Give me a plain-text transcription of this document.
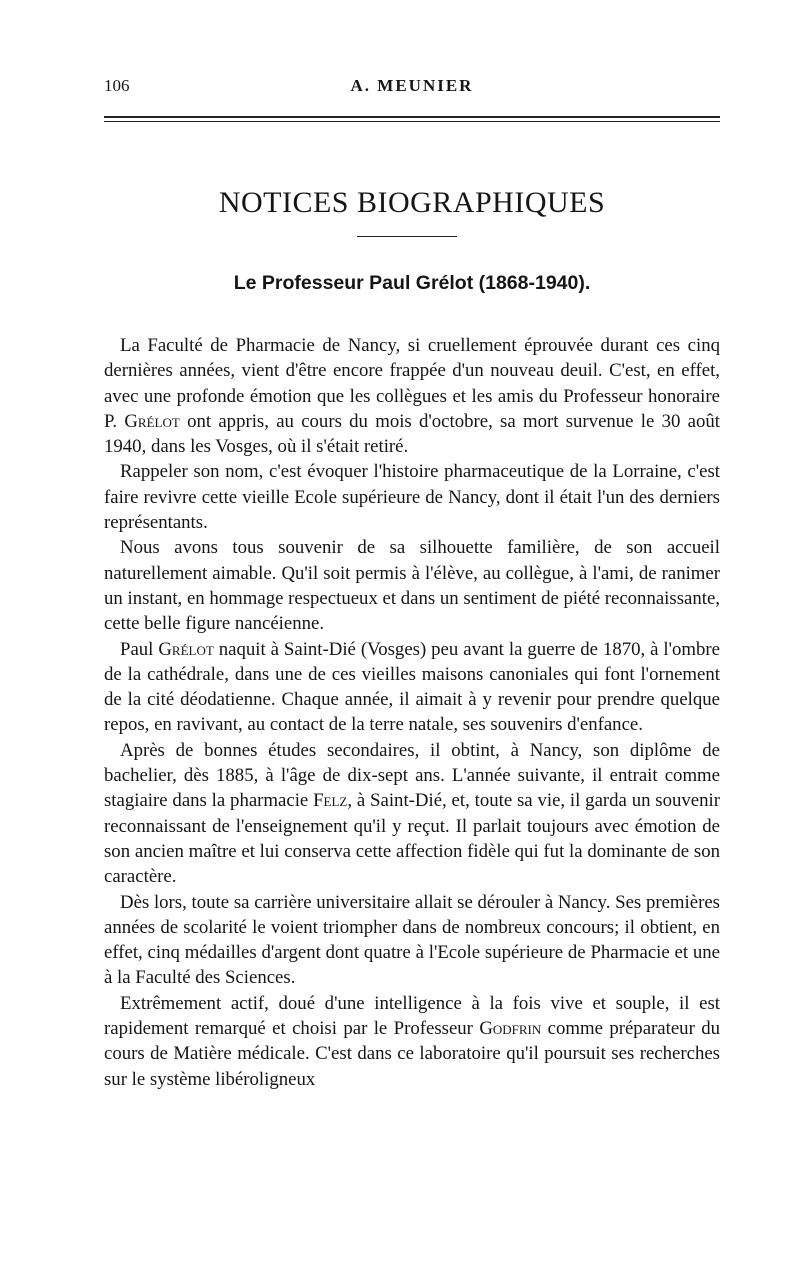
106	A. MEUNIER
NOTICES BIOGRAPHIQUES
Le Professeur Paul Grélot (1868-1940).

La Faculté de Pharmacie de Nancy, si cruellement éprouvée durant ces cinq dernières années, vient d'être encore frappée d'un nouveau deuil. C'est, en effet, avec une profonde émotion que les collègues et les amis du Professeur honoraire P. Grélot ont appris, au cours du mois d'octobre, sa mort survenue le 30 août 1940, dans les Vosges, où il s'était retiré.

Rappeler son nom, c'est évoquer l'histoire pharmaceutique de la Lorraine, c'est faire revivre cette vieille Ecole supérieure de Nancy, dont il était l'un des derniers représentants.

Nous avons tous souvenir de sa silhouette familière, de son accueil naturellement aimable. Qu'il soit permis à l'élève, au collègue, à l'ami, de ranimer un instant, en hommage respectueux et dans un sentiment de piété reconnaissante, cette belle figure nancéienne.

Paul Grélot naquit à Saint-Dié (Vosges) peu avant la guerre de 1870, à l'ombre de la cathédrale, dans une de ces vieilles maisons canoniales qui font l'ornement de la cité déodatienne. Chaque année, il aimait à y revenir pour prendre quelque repos, en ravivant, au contact de la terre natale, ses souvenirs d'enfance.

Après de bonnes études secondaires, il obtint, à Nancy, son diplôme de bachelier, dès 1885, à l'âge de dix-sept ans. L'année suivante, il entrait comme stagiaire dans la pharmacie Felz, à Saint-Dié, et, toute sa vie, il garda un souvenir reconnaissant de l'enseignement qu'il y reçut. Il parlait toujours avec émotion de son ancien maître et lui conserva cette affection fidèle qui fut la dominante de son caractère.

Dès lors, toute sa carrière universitaire allait se dérouler à Nancy. Ses premières années de scolarité le voient triompher dans de nombreux concours; il obtient, en effet, cinq médailles d'argent dont quatre à l'Ecole supérieure de Pharmacie et une à la Faculté des Sciences.

Extrêmement actif, doué d'une intelligence à la fois vive et souple, il est rapidement remarqué et choisi par le Professeur Godfrin comme préparateur du cours de Matière médicale. C'est dans ce laboratoire qu'il poursuit ses recherches sur le système libéroligneux
